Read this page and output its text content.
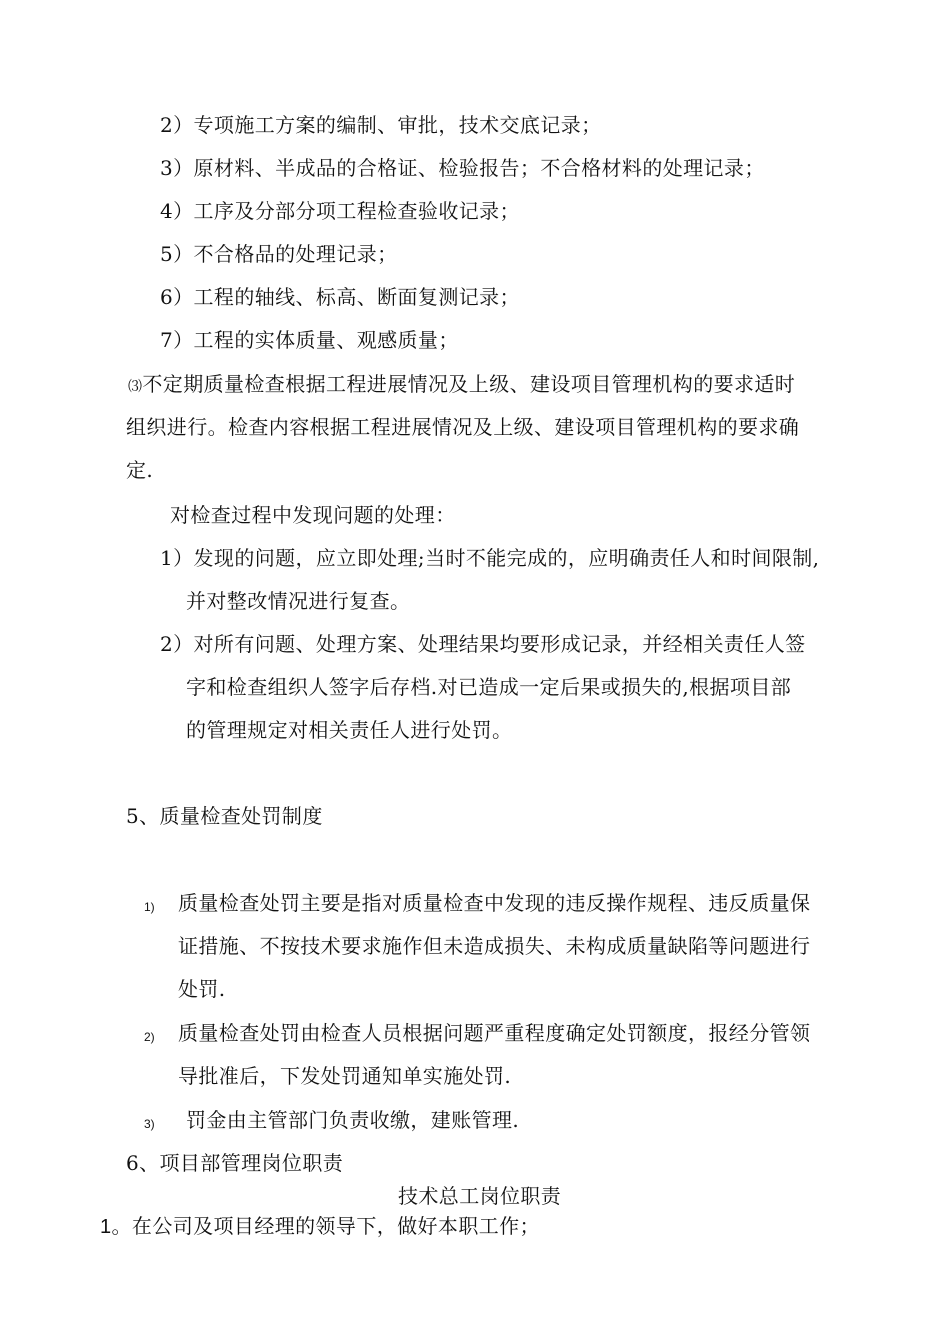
2）专项施工方案的编制、审批，技术交底记录；
3）原材料、半成品的合格证、检验报告；不合格材料的处理记录；
4）工序及分部分项工程检查验收记录；
5）不合格品的处理记录；
6）工程的轴线、标高、断面复测记录；
7）工程的实体质量、观感质量；
⑶不定期质量检查根据工程进展情况及上级、建设项目管理机构的要求适时
组织进行。检查内容根据工程进展情况及上级、建设项目管理机构的要求确
定.
对检查过程中发现问题的处理：
1）发现的问题，应立即处理;当时不能完成的，应明确责任人和时间限制,
并对整改情况进行复查。
2）对所有问题、处理方案、处理结果均要形成记录，并经相关责任人签
字和检查组织人签字后存档.对已造成一定后果或损失的,根据项目部
的管理规定对相关责任人进行处罚。
5、质量检查处罚制度
1) 质量检查处罚主要是指对质量检查中发现的违反操作规程、违反质量保
证措施、不按技术要求施作但未造成损失、未构成质量缺陷等问题进行
处罚.
2) 质量检查处罚由检查人员根据问题严重程度确定处罚额度，报经分管领
导批准后，下发处罚通知单实施处罚.
3) 罚金由主管部门负责收缴，建账管理.
6、项目部管理岗位职责
技术总工岗位职责
1。在公司及项目经理的领导下，做好本职工作；
